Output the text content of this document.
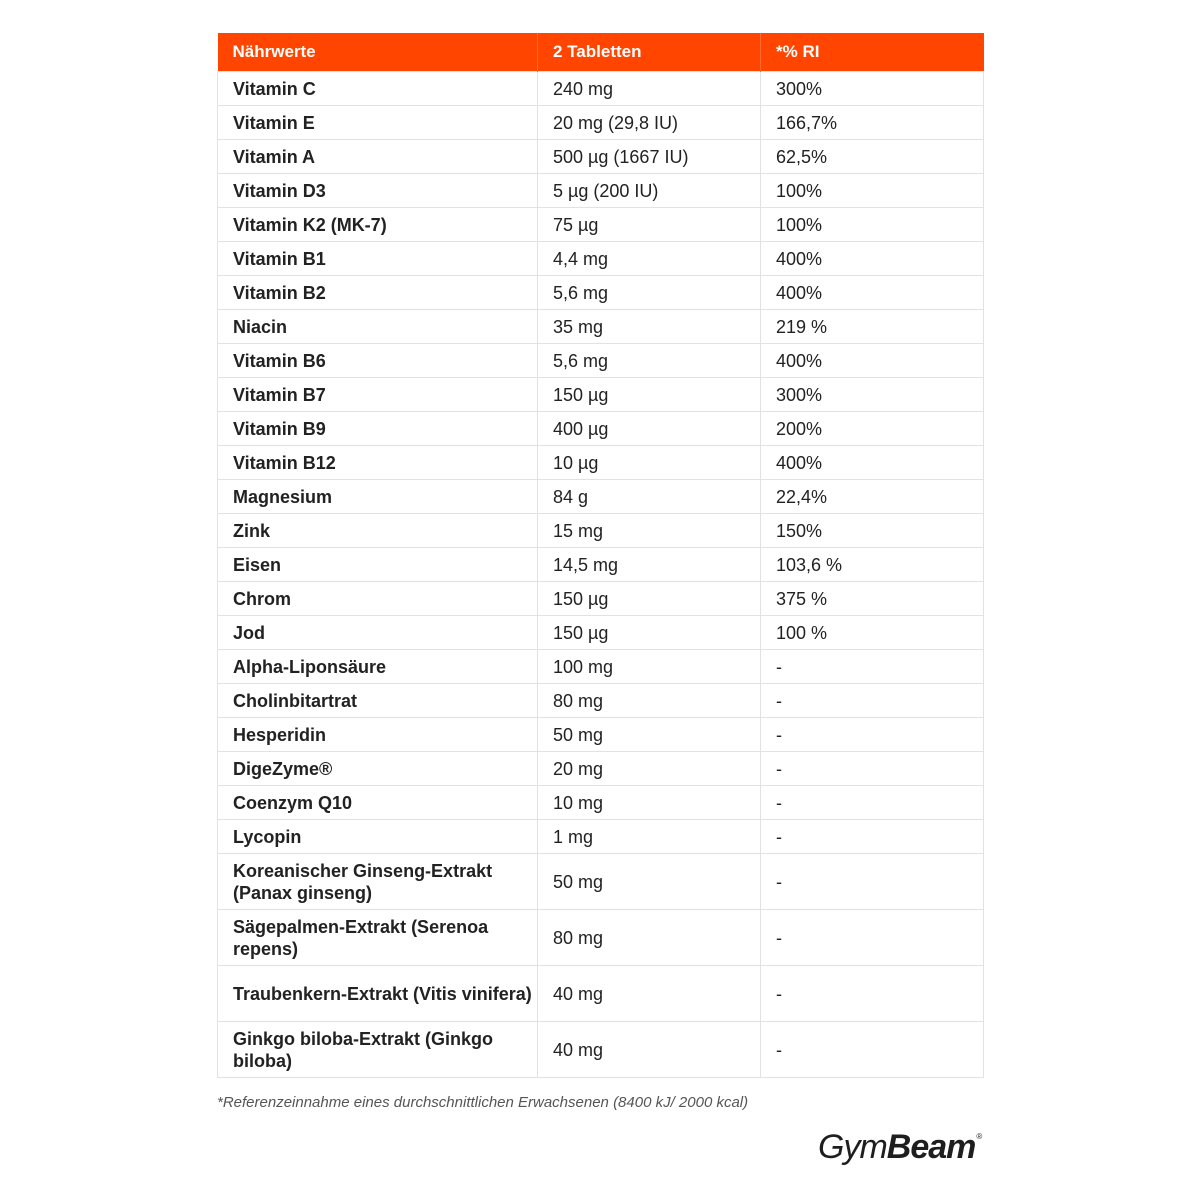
Nährwerte	2 Tabletten	*% RI
Vitamin C	240 mg	300%
Vitamin E	20 mg (29,8 IU)	166,7%
Vitamin A	500 µg (1667 IU)	62,5%
Vitamin D3	5 µg (200 IU)	100%
Vitamin K2 (MK-7)	75 µg	100%
Vitamin B1	4,4 mg	400%
Vitamin B2	5,6 mg	400%
Niacin	35 mg	219 %
Vitamin B6	5,6 mg	400%
Vitamin B7	150 µg	300%
Vitamin B9	400 µg	200%
Vitamin B12	10 µg	400%
Magnesium	84 g	22,4%
Zink	15 mg	150%
Eisen	14,5 mg	103,6 %
Chrom	150 µg	375 %
Jod	150 µg	100 %
Alpha-Liponsäure	100 mg	-
Cholinbitartrat	80 mg	-
Hesperidin	50 mg	-
DigeZyme®	20 mg	-
Coenzym Q10	10 mg	-
Lycopin	1 mg	-
Koreanischer Ginseng-Extrakt (Panax ginseng)	50 mg	-
Sägepalmen-Extrakt (Serenoa repens)	80 mg	-
Traubenkern-Extrakt (Vitis vinifera)	40 mg	-
Ginkgo biloba-Extrakt (Ginkgo biloba)	40 mg	-
*Referenzeinnahme eines durchschnittlichen Erwachsenen (8400 kJ/ 2000 kcal)
Gym Beam ®
